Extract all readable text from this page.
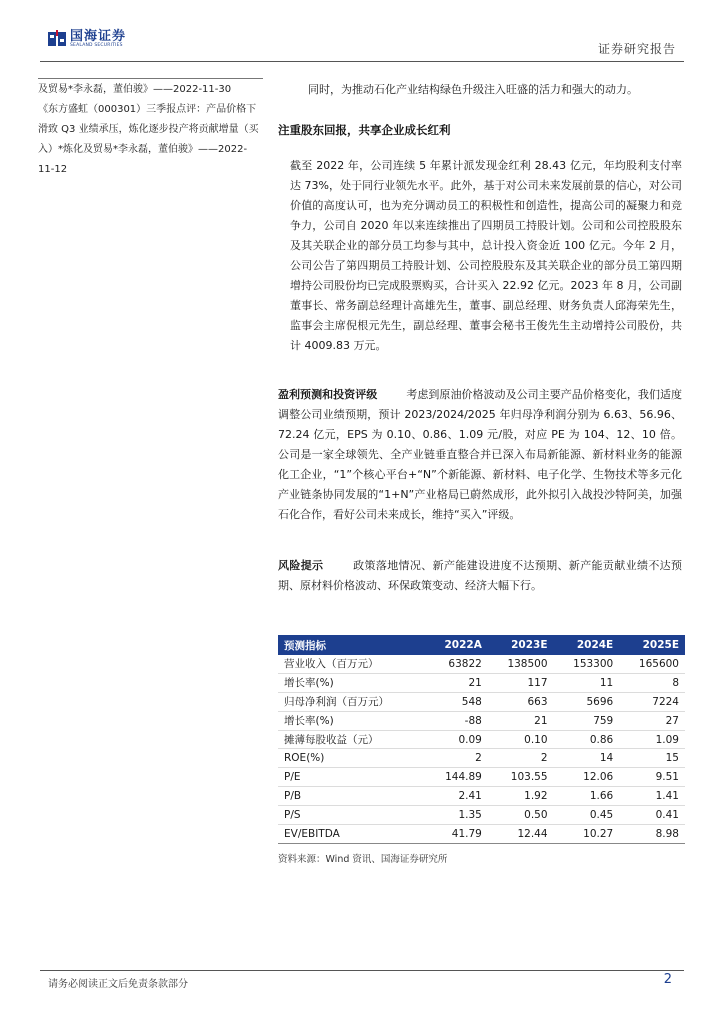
国海证券
SEALAND SECURITIES	证券研究报告

及贸易*李永磊，董伯骏》——2022-11-30

《东方盛虹（000301）三季报点评：产品价格下

滑致 Q3 业绩承压，炼化逐步投产将贡献增量（买

入）*炼化及贸易*李永磊，董伯骏》——2022-11-12

同时，为推动石化产业结构绿色升级注入旺盛的活力和强大的动力。
注重股东回报，共享企业成长红利
截至 2022 年，公司连续 5 年累计派发现金红利 28.43 亿元，年均股利支付率达 73%，处于同行业领先水平。此外，基于对公司未来发展前景的信心，对公司价值的高度认可，也为充分调动员工的积极性和创造性，提高公司的凝聚力和竞争力，公司自 2020 年以来连续推出了四期员工持股计划。公司和公司控股股东及其关联企业的部分员工均参与其中，总计投入资金近 100 亿元。今年 2 月，公司公告了第四期员工持股计划、公司控股股东及其关联企业的部分员工第四期增持公司股份均已完成股票购买，合计买入 22.92 亿元。2023 年 8 月，公司副董事长、常务副总经理计高雄先生，董事、副总经理、财务负责人邱海荣先生，监事会主席倪根元先生，副总经理、董事会秘书王俊先生主动增持公司股份，共计 4009.83 万元。
盈利预测和投资评级	考虑到原油价格波动及公司主要产品价格变化，我们适度调整公司业绩预期，预计 2023/2024/2025 年归母净利润分别为 6.63、56.96、72.24 亿元，EPS 为 0.10、0.86、1.09 元/股，对应 PE 为 104、12、10 倍。公司是一家全球领先、全产业链垂直整合并已深入布局新能源、新材料业务的能源化工企业，“1”个核心平台+“N”个新能源、新材料、电子化学、生物技术等多元化产业链条协同发展的“1+N”产业格局已蔚然成形，此外拟引入战投沙特阿美，加强石化合作，看好公司未来成长，维持“买入”评级。
风险提示	政策落地情况、新产能建设进度不达预期、新产能贡献业绩不达预期、原材料价格波动、环保政策变动、经济大幅下行。
预测指标	2022A	2023E	2024E	2025E
营业收入（百万元）	63822	138500	153300	165600
增长率(%)	21	117	11	8
归母净利润（百万元）	548	663	5696	7224
增长率(%)	-88	21	759	27
摊薄每股收益（元）	0.09	0.10	0.86	1.09
ROE(%)	2	2	14	15
P/E	144.89	103.55	12.06	9.51
P/B	2.41	1.92	1.66	1.41
P/S	1.35	0.50	0.45	0.41
EV/EBITDA	41.79	12.44	10.27	8.98
资料来源：Wind 资讯、国海证券研究所
请务必阅读正文后免责条款部分	2
